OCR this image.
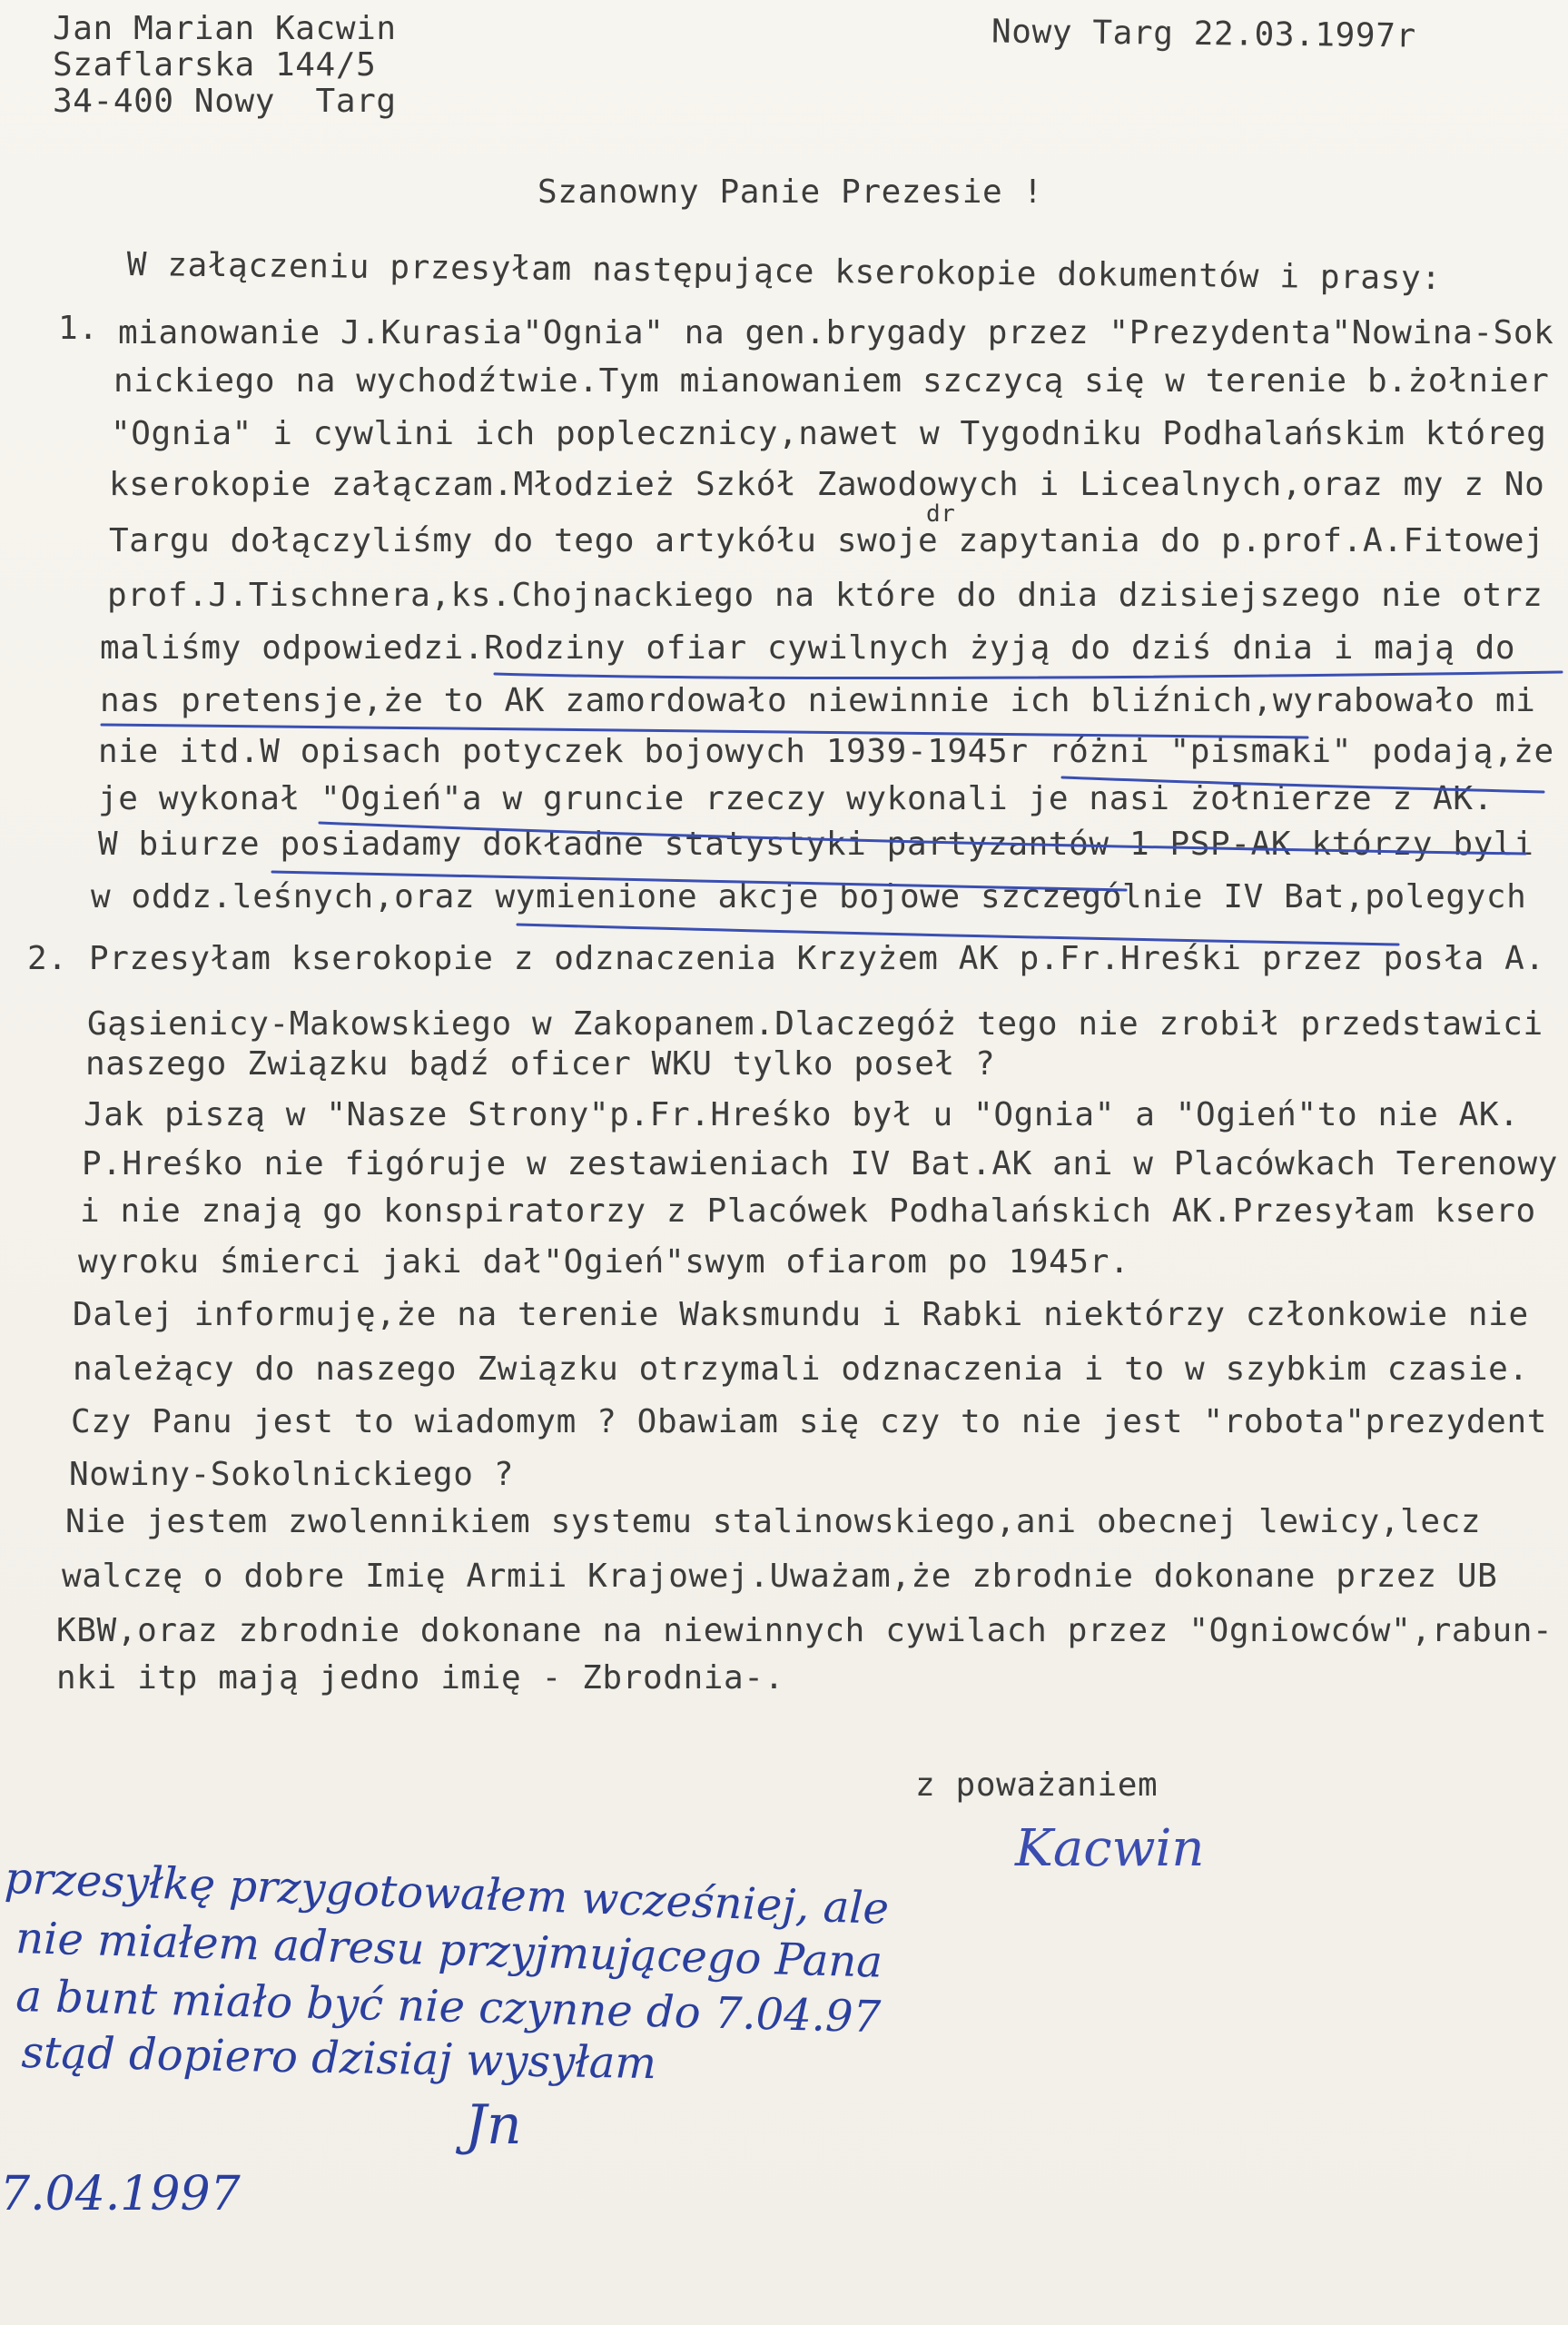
Jan Marian Kacwin
Szaflarska 144/5
34-400 Nowy  Targ
Nowy Targ 22.03.1997r
Szanowny Panie Prezesie !
W załączeniu przesyłam następujące kserokopie dokumentów i prasy:
1. mianowanie J.Kurasia"Ognia" na gen.brygady przez "Prezydenta"Nowina-Sok
nickiego na wychodźtwie.Tym mianowaniem szczycą się w terenie b.żołnier
"Ognia" i cywlini ich poplecznicy,nawet w Tygodniku Podhalańskim któreg
kserokopie załączam.Młodzież Szkół Zawodowych i Licealnych,oraz my z No
Targu dołączyliśmy do tego artykółu swoje zapytania do p.prof.A.Fitowej
dr
prof.J.Tischnera,ks.Chojnackiego na które do dnia dzisiejszego nie otrz
maliśmy odpowiedzi.Rodziny ofiar cywilnych żyją do dziś dnia i mają do
nas pretensje,że to AK zamordowało niewinnie ich bliźnich,wyrabowało mi
nie itd.W opisach potyczek bojowych 1939-1945r różni "pismaki" podają,że
je wykonał "Ogień"a w gruncie rzeczy wykonali je nasi żołnierze z AK.
W biurze posiadamy dokładne statystyki partyzantów 1 PSP-AK którzy byli
w oddz.leśnych,oraz wymienione akcje bojowe szczególnie IV Bat,polegych
2. Przesyłam kserokopie z odznaczenia Krzyżem AK p.Fr.Hreśki przez posła A.
Gąsienicy-Makowskiego w Zakopanem.Dlaczegóż tego nie zrobił przedstawici
naszego Związku bądź oficer WKU tylko poseł ?
Jak piszą w "Nasze Strony"p.Fr.Hreśko był u "Ognia" a "Ogień"to nie AK.
P.Hreśko nie figóruje w zestawieniach IV Bat.AK ani w Placówkach Terenowy
i nie znają go konspiratorzy z Placówek Podhalańskich AK.Przesyłam ksero
wyroku śmierci jaki dał"Ogień"swym ofiarom po 1945r.
Dalej informuję,że na terenie Waksmundu i Rabki niektórzy członkowie nie
należący do naszego Związku otrzymali odznaczenia i to w szybkim czasie.
Czy Panu jest to wiadomym ? Obawiam się czy to nie jest "robota"prezydent
Nowiny-Sokolnickiego ?
Nie jestem zwolennikiem systemu stalinowskiego,ani obecnej lewicy,lecz
walczę o dobre Imię Armii Krajowej.Uważam,że zbrodnie dokonane przez UB
KBW,oraz zbrodnie dokonane na niewinnych cywilach przez "Ogniowców",rabun-
nki itp mają jedno imię - Zbrodnia-.
z poważaniem
Kacwin
przesyłkę przygotowałem wcześniej, ale
nie miałem adresu przyjmującego Pana
a bunt miało być nie czynne do 7.04.97
stąd dopiero dzisiaj wysyłam
Jn
7.04.1997
